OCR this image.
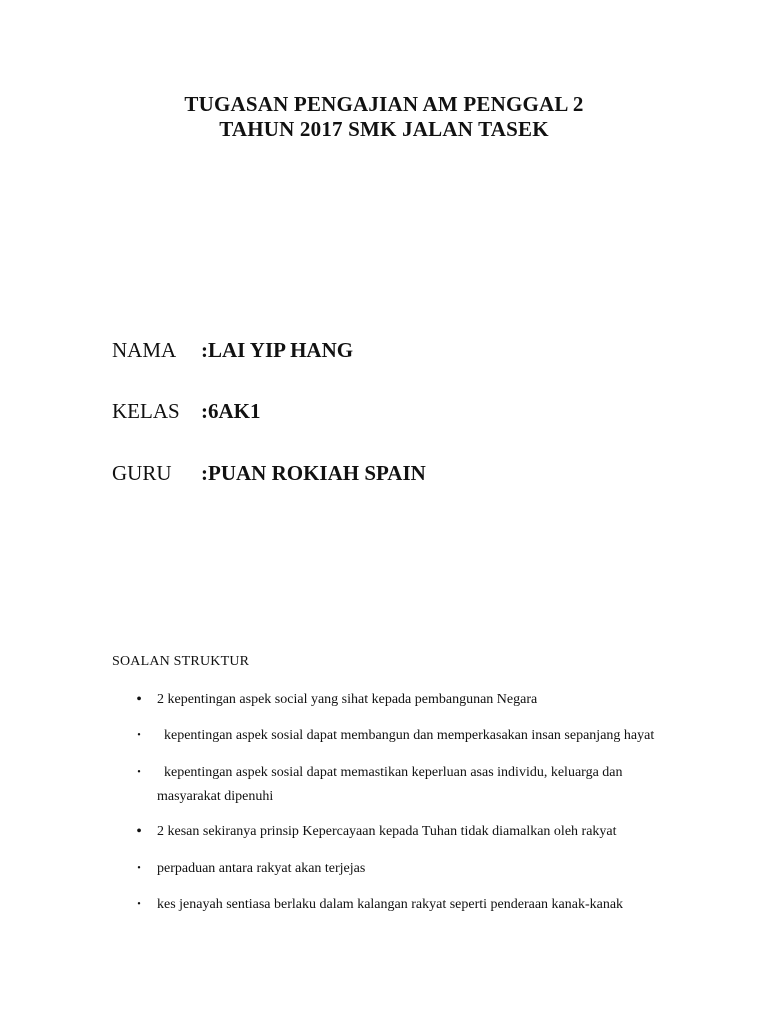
TUGASAN PENGAJIAN AM PENGGAL 2
TAHUN 2017 SMK JALAN TASEK
NAMA :LAI YIP HANG
KELAS :6AK1
GURU :PUAN ROKIAH SPAIN
SOALAN STRUKTUR
•	2 kepentingan aspek social yang sihat kepada pembangunan Negara
•	kepentingan aspek sosial dapat membangun dan memperkasakan insan sepanjang hayat
•	kepentingan aspek sosial dapat memastikan keperluan asas individu, keluarga dan masyarakat dipenuhi
•	2 kesan sekiranya prinsip Kepercayaan kepada Tuhan tidak diamalkan oleh rakyat
•	perpaduan antara rakyat akan terjejas
•	kes jenayah sentiasa berlaku dalam kalangan rakyat seperti penderaan kanak-kanak
